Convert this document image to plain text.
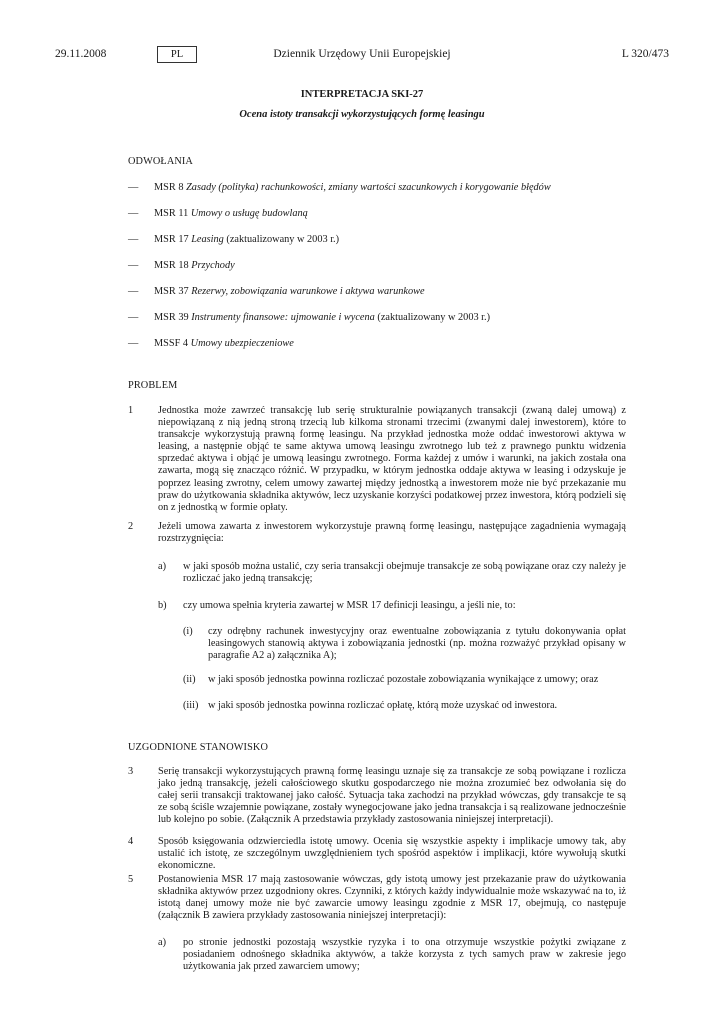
29.11.2008	PL	Dziennik Urzędowy Unii Europejskiej	L 320/473
INTERPRETACJA SKI-27
Ocena istoty transakcji wykorzystujących formę leasingu
ODWOŁANIA
— MSR 8 Zasady (polityka) rachunkowości, zmiany wartości szacunkowych i korygowanie błędów
— MSR 11 Umowy o usługę budowlaną
— MSR 17 Leasing (zaktualizowany w 2003 r.)
— MSR 18 Przychody
— MSR 37 Rezerwy, zobowiązania warunkowe i aktywa warunkowe
— MSR 39 Instrumenty finansowe: ujmowanie i wycena (zaktualizowany w 2003 r.)
— MSSF 4 Umowy ubezpieczeniowe
PROBLEM
1 Jednostka może zawrzeć transakcję lub serię strukturalnie powiązanych transakcji (zwaną dalej umową) z niepowiązaną z nią jedną stroną trzecią lub kilkoma stronami trzecimi (zwanymi dalej inwestorem), które to transakcje wykorzystują prawną formę leasingu. Na przykład jednostka może oddać inwestorowi aktywa w leasing, a następnie objąć te same aktywa umową leasingu zwrotnego lub też z prawnego punktu widzenia sprzedać aktywa i objąć je umową leasingu zwrotnego. Forma każdej z umów i warunki, na jakich została ona zawarta, mogą się znacząco różnić. W przypadku, w którym jednostka oddaje aktywa w leasing i odzyskuje je poprzez leasing zwrotny, celem umowy zawartej między jednostką a inwestorem może nie być przekazanie mu praw do użytkowania składnika aktywów, lecz uzyskanie korzyści podatkowej przez inwestora, którą podzieli się on z jednostką w formie opłaty.
2 Jeżeli umowa zawarta z inwestorem wykorzystuje prawną formę leasingu, następujące zagadnienia wymagają rozstrzygnięcia:
a) w jaki sposób można ustalić, czy seria transakcji obejmuje transakcje ze sobą powiązane oraz czy należy je rozliczać jako jedną transakcję;
b) czy umowa spełnia kryteria zawartej w MSR 17 definicji leasingu, a jeśli nie, to:
(i) czy odrębny rachunek inwestycyjny oraz ewentualne zobowiązania z tytułu dokonywania opłat leasingowych stanowią aktywa i zobowiązania jednostki (np. można rozważyć przykład opisany w paragrafie A2 a) załącznika A);
(ii) w jaki sposób jednostka powinna rozliczać pozostałe zobowiązania wynikające z umowy; oraz
(iii) w jaki sposób jednostka powinna rozliczać opłatę, którą może uzyskać od inwestora.
UZGODNIONE STANOWISKO
3 Serię transakcji wykorzystujących prawną formę leasingu uznaje się za transakcje ze sobą powiązane i rozlicza jako jedną transakcję, jeżeli całościowego skutku gospodarczego nie można zrozumieć bez odwołania się do całej serii transakcji traktowanej jako całość. Sytuacja taka zachodzi na przykład wówczas, gdy transakcje te są ze sobą ściśle wzajemnie powiązane, zostały wynegocjowane jako jedna transakcja i są realizowane jednocześnie lub kolejno po sobie. (Załącznik A przedstawia przykłady zastosowania niniejszej interpretacji).
4 Sposób księgowania odzwierciedla istotę umowy. Ocenia się wszystkie aspekty i implikacje umowy tak, aby ustalić ich istotę, ze szczególnym uwzględnieniem tych spośród aspektów i implikacji, które wywołują skutki ekonomiczne.
5 Postanowienia MSR 17 mają zastosowanie wówczas, gdy istotą umowy jest przekazanie praw do użytkowania składnika aktywów przez uzgodniony okres. Czynniki, z których każdy indywidualnie może wskazywać na to, iż istotą danej umowy może nie być zawarcie umowy leasingu zgodnie z MSR 17, obejmują, co następuje (załącznik B zawiera przykłady zastosowania niniejszej interpretacji):
a) po stronie jednostki pozostają wszystkie ryzyka i to ona otrzymuje wszystkie pożytki związane z posiadaniem odnośnego składnika aktywów, a także korzysta z tych samych praw w zakresie jego użytkowania jak przed zawarciem umowy;
